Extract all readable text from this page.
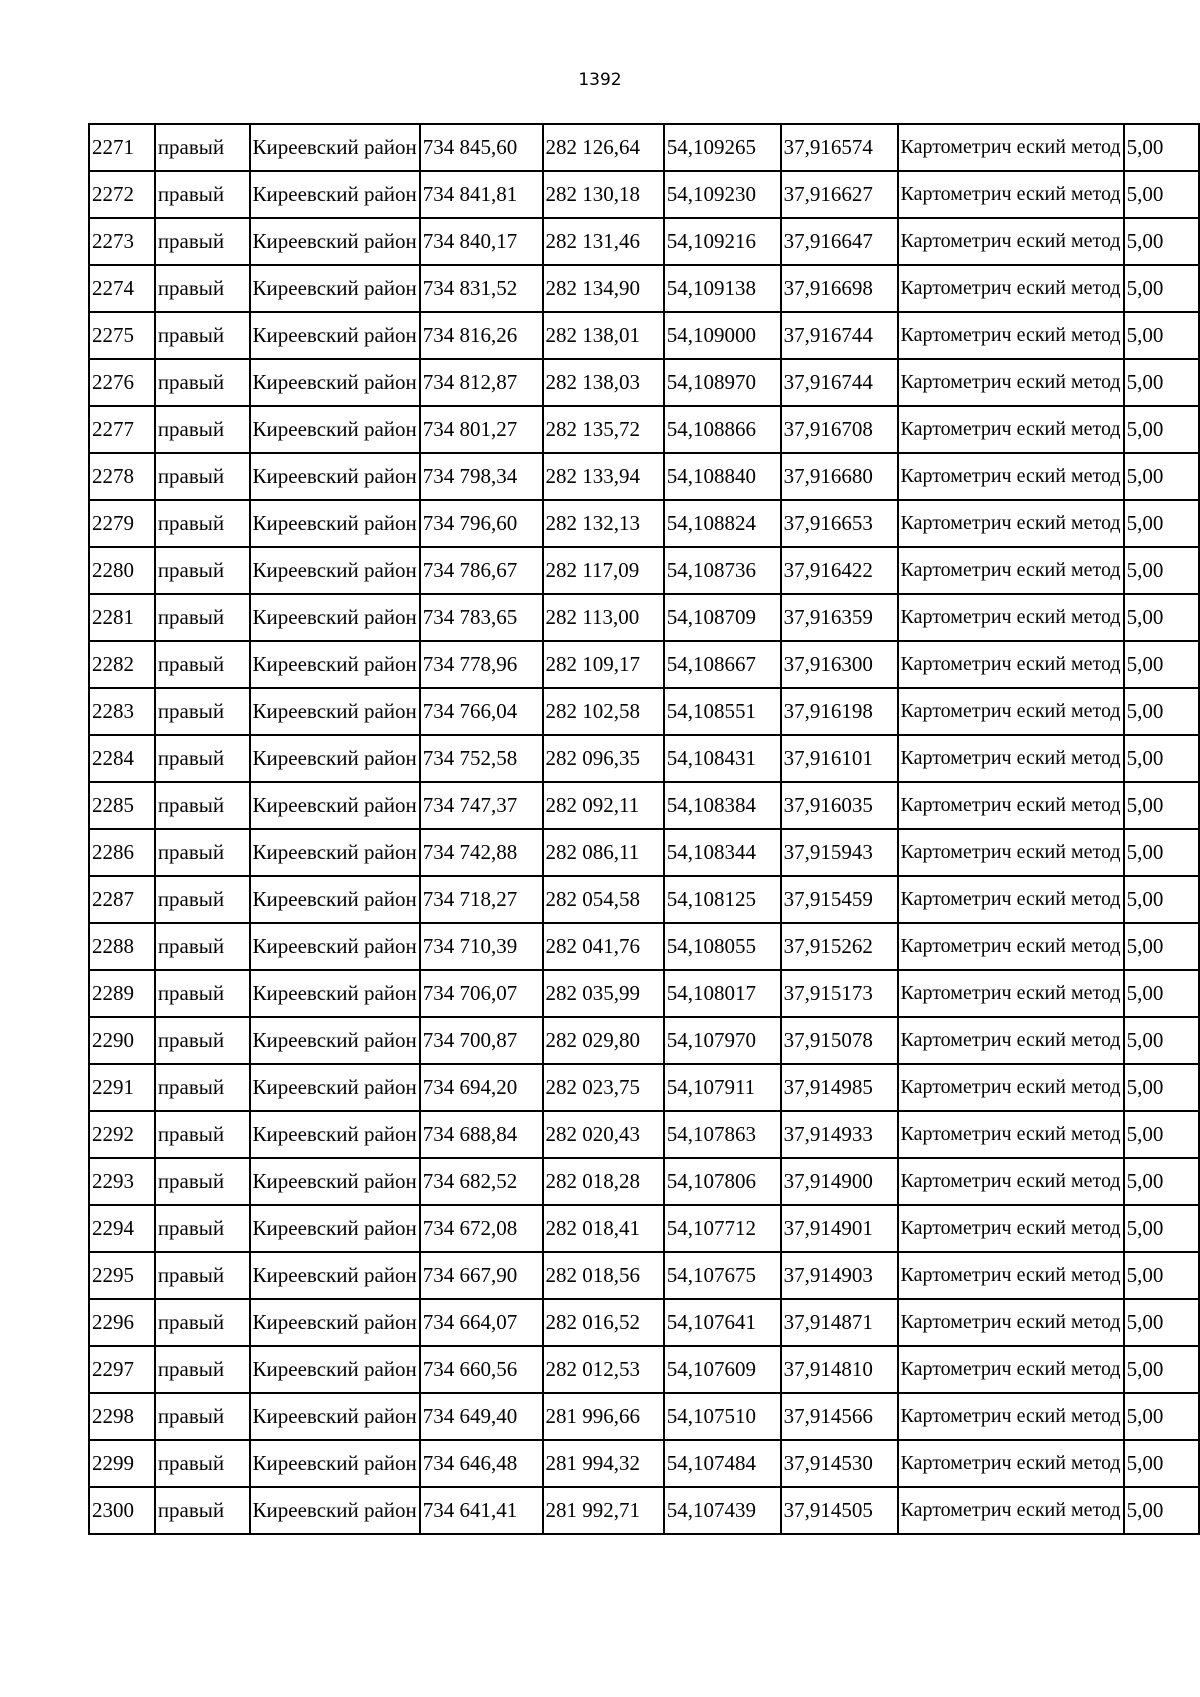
1392
2271	правый	Киреевский район	734 845,60	282 126,64	54,109265	37,916574	Картометрич еский метод	5,00
2272	правый	Киреевский район	734 841,81	282 130,18	54,109230	37,916627	Картометрич еский метод	5,00
2273	правый	Киреевский район	734 840,17	282 131,46	54,109216	37,916647	Картометрич еский метод	5,00
2274	правый	Киреевский район	734 831,52	282 134,90	54,109138	37,916698	Картометрич еский метод	5,00
2275	правый	Киреевский район	734 816,26	282 138,01	54,109000	37,916744	Картометрич еский метод	5,00
2276	правый	Киреевский район	734 812,87	282 138,03	54,108970	37,916744	Картометрич еский метод	5,00
2277	правый	Киреевский район	734 801,27	282 135,72	54,108866	37,916708	Картометрич еский метод	5,00
2278	правый	Киреевский район	734 798,34	282 133,94	54,108840	37,916680	Картометрич еский метод	5,00
2279	правый	Киреевский район	734 796,60	282 132,13	54,108824	37,916653	Картометрич еский метод	5,00
2280	правый	Киреевский район	734 786,67	282 117,09	54,108736	37,916422	Картометрич еский метод	5,00
2281	правый	Киреевский район	734 783,65	282 113,00	54,108709	37,916359	Картометрич еский метод	5,00
2282	правый	Киреевский район	734 778,96	282 109,17	54,108667	37,916300	Картометрич еский метод	5,00
2283	правый	Киреевский район	734 766,04	282 102,58	54,108551	37,916198	Картометрич еский метод	5,00
2284	правый	Киреевский район	734 752,58	282 096,35	54,108431	37,916101	Картометрич еский метод	5,00
2285	правый	Киреевский район	734 747,37	282 092,11	54,108384	37,916035	Картометрич еский метод	5,00
2286	правый	Киреевский район	734 742,88	282 086,11	54,108344	37,915943	Картометрич еский метод	5,00
2287	правый	Киреевский район	734 718,27	282 054,58	54,108125	37,915459	Картометрич еский метод	5,00
2288	правый	Киреевский район	734 710,39	282 041,76	54,108055	37,915262	Картометрич еский метод	5,00
2289	правый	Киреевский район	734 706,07	282 035,99	54,108017	37,915173	Картометрич еский метод	5,00
2290	правый	Киреевский район	734 700,87	282 029,80	54,107970	37,915078	Картометрич еский метод	5,00
2291	правый	Киреевский район	734 694,20	282 023,75	54,107911	37,914985	Картометрич еский метод	5,00
2292	правый	Киреевский район	734 688,84	282 020,43	54,107863	37,914933	Картометрич еский метод	5,00
2293	правый	Киреевский район	734 682,52	282 018,28	54,107806	37,914900	Картометрич еский метод	5,00
2294	правый	Киреевский район	734 672,08	282 018,41	54,107712	37,914901	Картометрич еский метод	5,00
2295	правый	Киреевский район	734 667,90	282 018,56	54,107675	37,914903	Картометрич еский метод	5,00
2296	правый	Киреевский район	734 664,07	282 016,52	54,107641	37,914871	Картометрич еский метод	5,00
2297	правый	Киреевский район	734 660,56	282 012,53	54,107609	37,914810	Картометрич еский метод	5,00
2298	правый	Киреевский район	734 649,40	281 996,66	54,107510	37,914566	Картометрич еский метод	5,00
2299	правый	Киреевский район	734 646,48	281 994,32	54,107484	37,914530	Картометрич еский метод	5,00
2300	правый	Киреевский район	734 641,41	281 992,71	54,107439	37,914505	Картометрич еский метод	5,00
